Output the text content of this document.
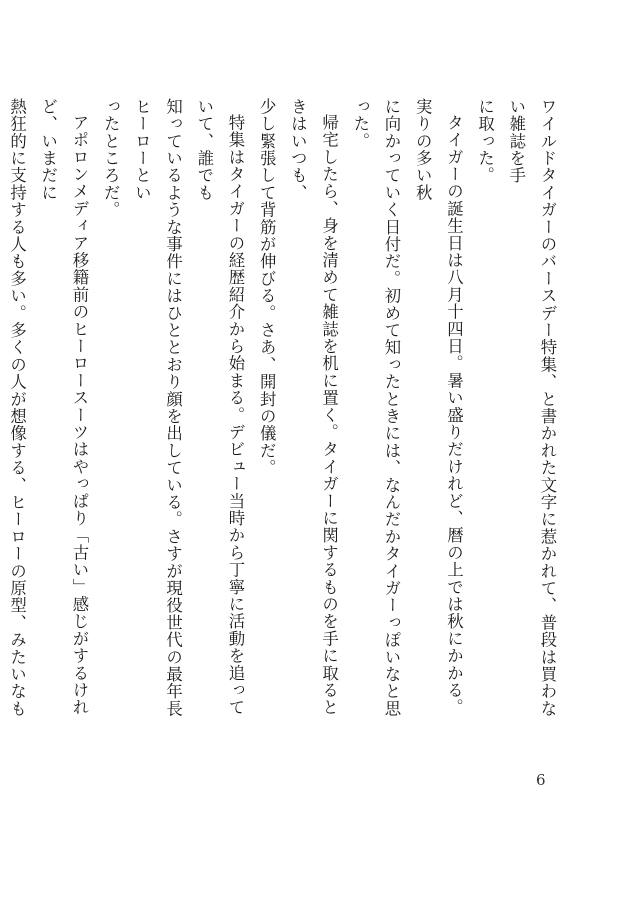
ワイルドタイガーのバースデー特集、と書かれた文字に惹かれて、普段は買わない雑誌を手
に取った。

タイガーの誕生日は八月十四日。暑い盛りだけれど、暦の上では秋にかかる。実りの多い秋
に向かっていく日付だ。初めて知ったときには、なんだかタイガーっぽいなと思った。

帰宅したら、身を清めて雑誌を机に置く。タイガーに関するものを手に取るときはいつも、
少し緊張して背筋が伸びる。さあ、開封の儀だ。

特集はタイガーの経歴紹介から始まる。デビュー当時から丁寧に活動を追っていて、誰でも
知っているような事件にはひととおり顔を出している。さすが現役世代の最年長ヒーローとい
ったところだ。

アポロンメディア移籍前のヒーロースーツはやっぱり「古い」感じがするけれど、いまだに
熱狂的に支持する人も多い。多くの人が想像する、ヒーローの原型、みたいなも

6
